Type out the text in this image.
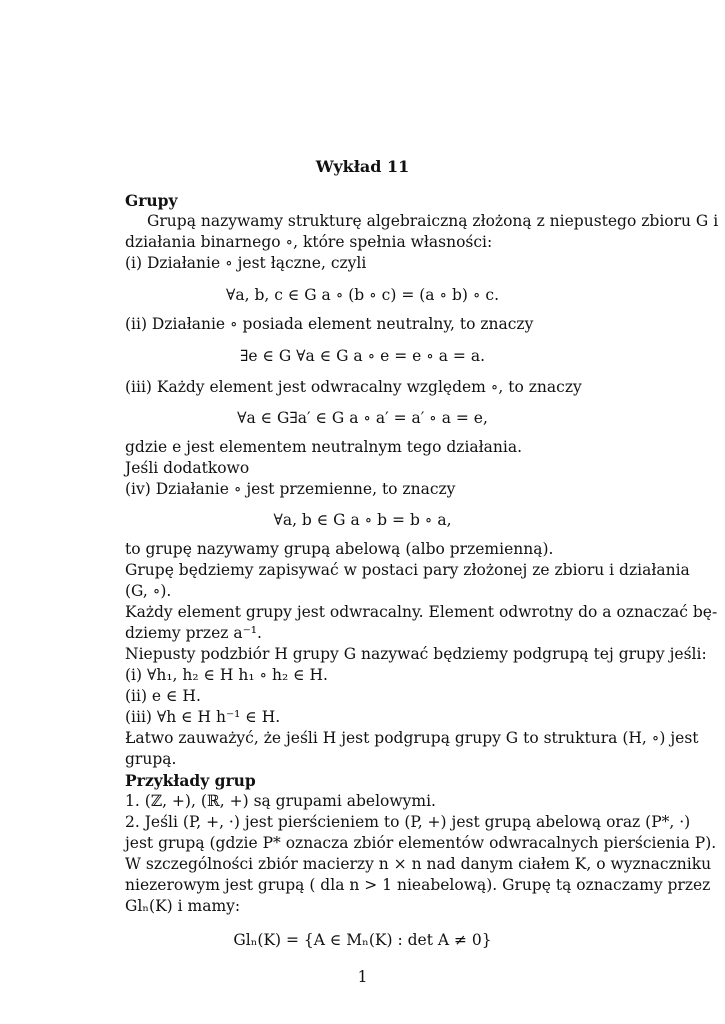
Wykład 11
Grupy
Grupą nazywamy strukturę algebraiczną złożoną z niepustego zbioru G i
działania binarnego ∘, które spełnia własności:
(i) Działanie ∘ jest łączne, czyli
∀a, b, c ∈ G a ∘ (b ∘ c) = (a ∘ b) ∘ c.
(ii) Działanie ∘ posiada element neutralny, to znaczy
∃e ∈ G ∀a ∈ G a ∘ e = e ∘ a = a.
(iii) Każdy element jest odwracalny względem ∘, to znaczy
∀a ∈ G∃a′ ∈ G a ∘ a′ = a′ ∘ a = e,
gdzie e jest elementem neutralnym tego działania.
Jeśli dodatkowo
(iv) Działanie ∘ jest przemienne, to znaczy
∀a, b ∈ G a ∘ b = b ∘ a,
to grupę nazywamy grupą abelową (albo przemienną).
Grupę będziemy zapisywać w postaci pary złożonej ze zbioru i działania
(G, ∘).
Każdy element grupy jest odwracalny. Element odwrotny do a oznaczać bę-
dziemy przez a⁻¹.
Niepusty podzbiór H grupy G nazywać będziemy podgrupą tej grupy jeśli:
(i) ∀h₁, h₂ ∈ H h₁ ∘ h₂ ∈ H.
(ii) e ∈ H.
(iii) ∀h ∈ H h⁻¹ ∈ H.
Łatwo zauważyć, że jeśli H jest podgrupą grupy G to struktura (H, ∘) jest
grupą.
Przykłady grup
1. (ℤ, +), (ℝ, +) są grupami abelowymi.
2. Jeśli (P, +, ·) jest pierścieniem to (P, +) jest grupą abelową oraz (P*, ·)
jest grupą (gdzie P* oznacza zbiór elementów odwracalnych pierścienia P).
W szczególności zbiór macierzy n × n nad danym ciałem K, o wyznaczniku
niezerowym jest grupą ( dla n > 1 nieabelową). Grupę tą oznaczamy przez
Glₙ(K) i mamy:
Glₙ(K) = {A ∈ Mₙ(K) : det A ≠ 0}
1
